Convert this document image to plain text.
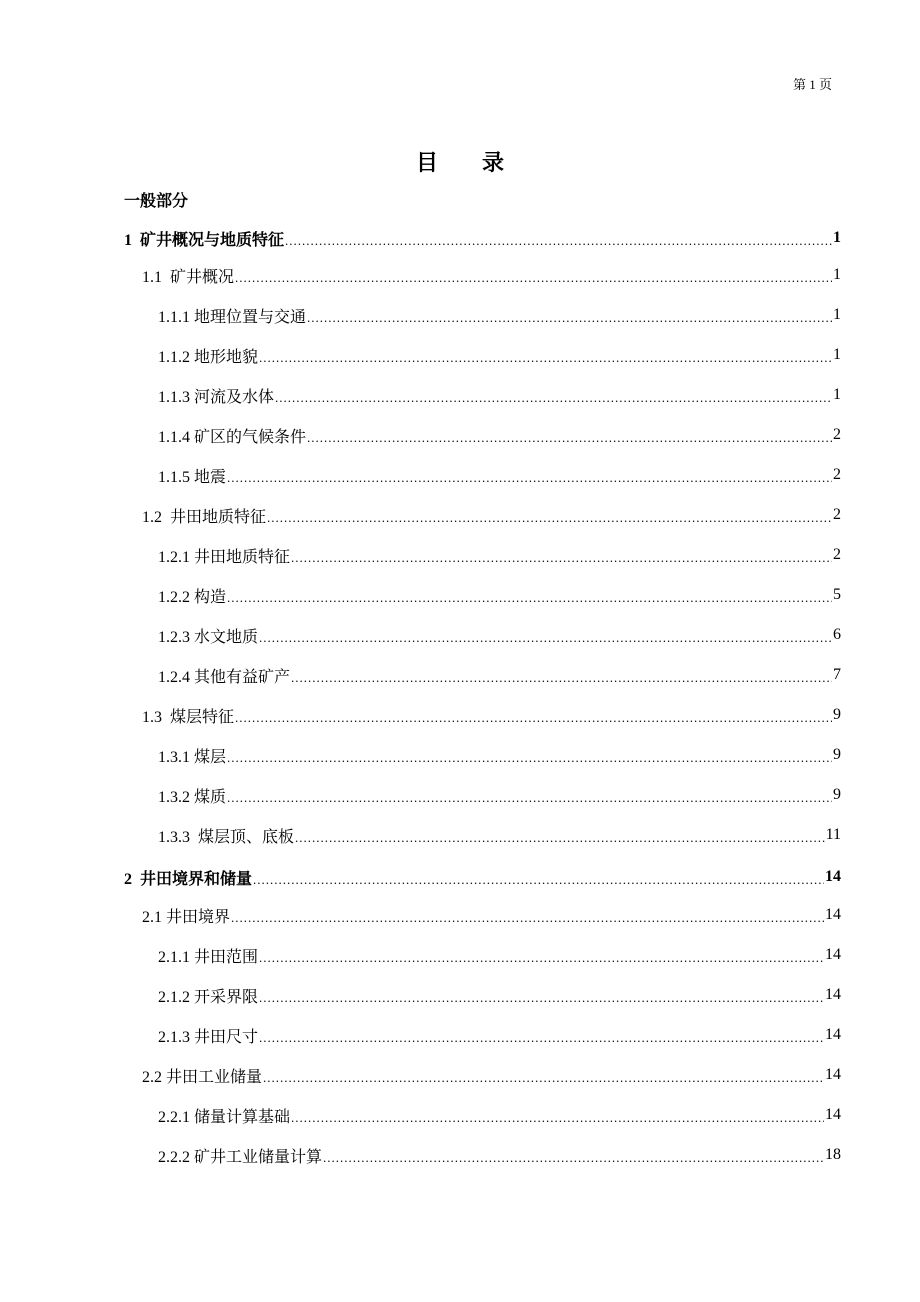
第 1 页
目录
一般部分
1  矿井概况与地质特征 .....	1
1.1  矿井概况 .....	1
1.1.1 地理位置与交通 .....	1
1.1.2 地形地貌 .....	1
1.1.3 河流及水体 .....	1
1.1.4 矿区的气候条件 .....	2
1.1.5 地震 .....	2
1.2  井田地质特征 .....	2
1.2.1 井田地质特征 .....	2
1.2.2 构造 .....	5
1.2.3 水文地质 .....	6
1.2.4 其他有益矿产 .....	7
1.3  煤层特征 .....	9
1.3.1 煤层 .....	9
1.3.2 煤质 .....	9
1.3.3  煤层顶、底板 .....	11
2  井田境界和储量 .....	14
2.1 井田境界 .....	14
2.1.1 井田范围 .....	14
2.1.2 开采界限 .....	14
2.1.3 井田尺寸 .....	14
2.2 井田工业储量 .....	14
2.2.1 储量计算基础 .....	14
2.2.2 矿井工业储量计算 .....	18
